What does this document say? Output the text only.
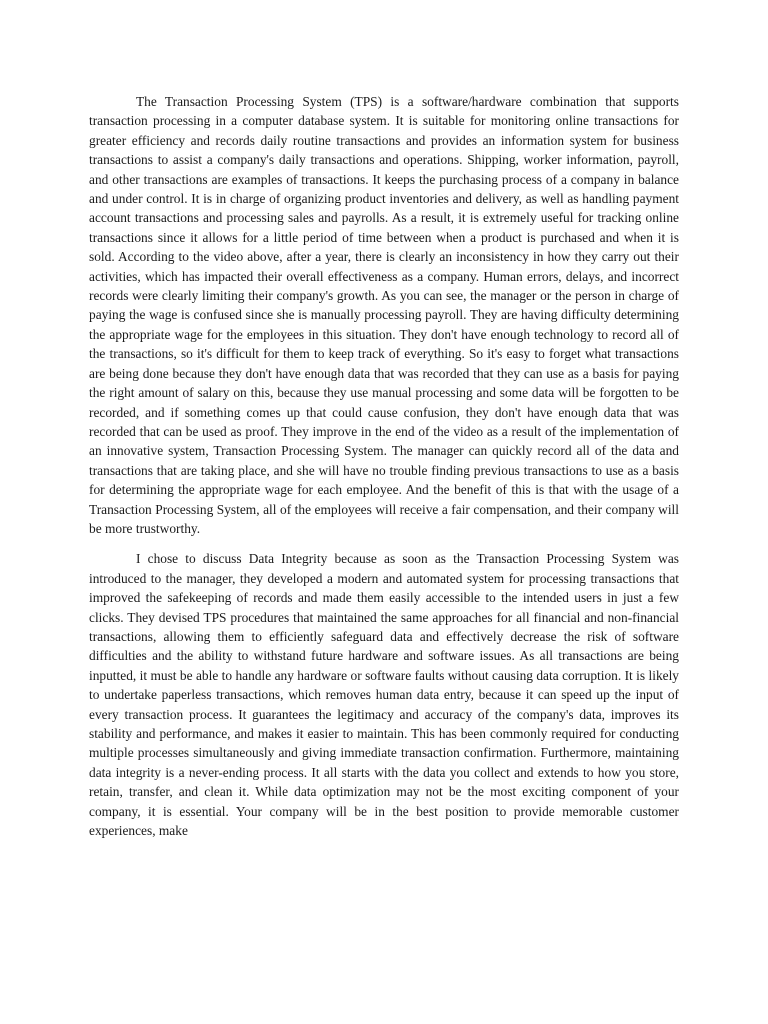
The Transaction Processing System (TPS) is a software/hardware combination that supports transaction processing in a computer database system. It is suitable for monitoring online transactions for greater efficiency and records daily routine transactions and provides an information system for business transactions to assist a company's daily transactions and operations. Shipping, worker information, payroll, and other transactions are examples of transactions. It keeps the purchasing process of a company in balance and under control. It is in charge of organizing product inventories and delivery, as well as handling payment account transactions and processing sales and payrolls. As a result, it is extremely useful for tracking online transactions since it allows for a little period of time between when a product is purchased and when it is sold. According to the video above, after a year, there is clearly an inconsistency in how they carry out their activities, which has impacted their overall effectiveness as a company. Human errors, delays, and incorrect records were clearly limiting their company's growth. As you can see, the manager or the person in charge of paying the wage is confused since she is manually processing payroll. They are having difficulty determining the appropriate wage for the employees in this situation. They don't have enough technology to record all of the transactions, so it's difficult for them to keep track of everything. So it's easy to forget what transactions are being done because they don't have enough data that was recorded that they can use as a basis for paying the right amount of salary on this, because they use manual processing and some data will be forgotten to be recorded, and if something comes up that could cause confusion, they don't have enough data that was recorded that can be used as proof. They improve in the end of the video as a result of the implementation of an innovative system, Transaction Processing System. The manager can quickly record all of the data and transactions that are taking place, and she will have no trouble finding previous transactions to use as a basis for determining the appropriate wage for each employee. And the benefit of this is that with the usage of a Transaction Processing System, all of the employees will receive a fair compensation, and their company will be more trustworthy.

I chose to discuss Data Integrity because as soon as the Transaction Processing System was introduced to the manager, they developed a modern and automated system for processing transactions that improved the safekeeping of records and made them easily accessible to the intended users in just a few clicks. They devised TPS procedures that maintained the same approaches for all financial and non-financial transactions, allowing them to efficiently safeguard data and effectively decrease the risk of software difficulties and the ability to withstand future hardware and software issues. As all transactions are being inputted, it must be able to handle any hardware or software faults without causing data corruption. It is likely to undertake paperless transactions, which removes human data entry, because it can speed up the input of every transaction process. It guarantees the legitimacy and accuracy of the company's data, improves its stability and performance, and makes it easier to maintain. This has been commonly required for conducting multiple processes simultaneously and giving immediate transaction confirmation. Furthermore, maintaining data integrity is a never-ending process. It all starts with the data you collect and extends to how you store, retain, transfer, and clean it. While data optimization may not be the most exciting component of your company, it is essential. Your company will be in the best position to provide memorable customer experiences, make
